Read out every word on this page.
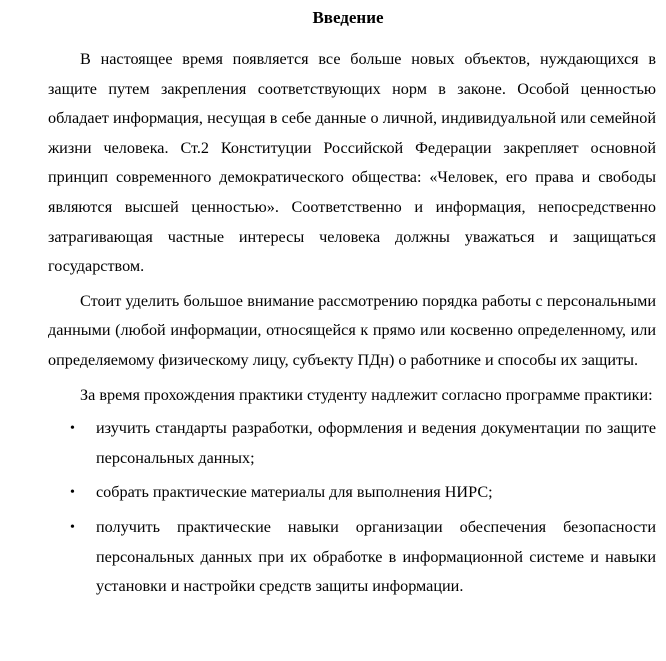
Введение

В настоящее время появляется все больше новых объектов, нуждающихся в защите путем закрепления соответствующих норм в законе. Особой ценностью обладает информация, несущая в себе данные о личной, индивидуальной или семейной жизни человека. Ст.2 Конституции Российской Федерации закрепляет основной принцип современного демократического общества: «Человек, его права и свободы являются высшей ценностью». Соответственно и информация, непосредственно затрагивающая частные интересы человека должны уважаться и защищаться государством.

Стоит уделить большое внимание рассмотрению порядка работы с персональными данными (любой информации, относящейся к прямо или косвенно определенному, или определяемому физическому лицу, субъекту ПДн) о работнике и способы их защиты.

За время прохождения практики студенту надлежит согласно программе практики:

• изучить стандарты разработки, оформления и ведения документации по защите персональных данных;
• собрать практические материалы для выполнения НИРС;
• получить практические навыки организации обеспечения безопасности персональных данных при их обработке в информационной системе и навыки установки и настройки средств защиты информации.
